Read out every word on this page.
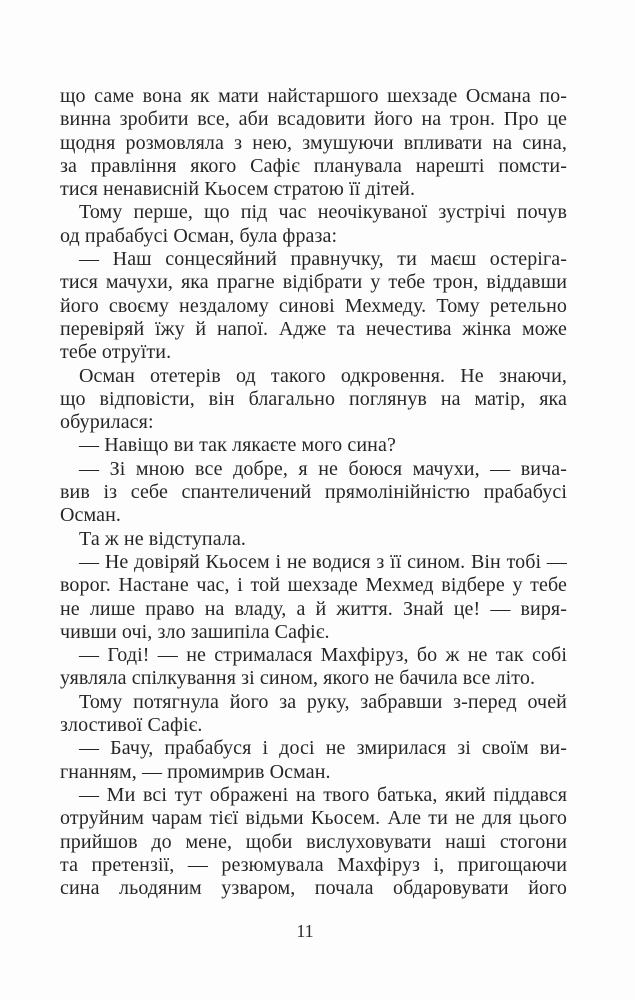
що саме вона як мати найстаршого шехзаде Османа по-
винна зробити все, аби всадовити його на трон. Про це
щодня розмовляла з нею, змушуючи впливати на сина,
за правління якого Сафіє планувала нарешті помсти-
тися ненависній Кьосем стратою її дітей.
Тому перше, що під час неочікуваної зустрічі почув
од прабабусі Осман, була фраза:
— Наш сонцесяйний правнучку, ти маєш остеріга-
тися мачухи, яка прагне відібрати у тебе трон, віддавши
його своєму нездалому синові Мехмеду. Тому ретельно
перевіряй їжу й напої. Адже та нечестива жінка може
тебе отруїти.
Осман отетерів од такого одкровення. Не знаючи,
що відповісти, він благально поглянув на матір, яка
обурилася:
— Навіщо ви так лякаєте мого сина?
— Зі мною все добре, я не боюся мачухи, — вича-
вив із себе спантеличений прямолінійністю прабабусі
Осман.
Та ж не відступала.
— Не довіряй Кьосем і не водися з її сином. Він тобі —
ворог. Настане час, і той шехзаде Мехмед відбере у тебе
не лише право на владу, а й життя. Знай це! — виря-
чивши очі, зло зашипіла Сафіє.
— Годі! — не стрималася Махфіруз, бо ж не так собі
уявляла спілкування зі сином, якого не бачила все літо.
Тому потягнула його за руку, забравши з-перед очей
злостивої Сафіє.
— Бачу, прабабуся і досі не змирилася зі своїм ви-
гнанням, — промимрив Осман.
— Ми всі тут ображені на твого батька, який піддався
отруйним чарам тієї відьми Кьосем. Але ти не для цього
прийшов до мене, щоби вислуховувати наші стогони
та претензії, — резюмувала Махфіруз і, пригощаючи
сина льодяним узваром, почала обдаровувати його
11
